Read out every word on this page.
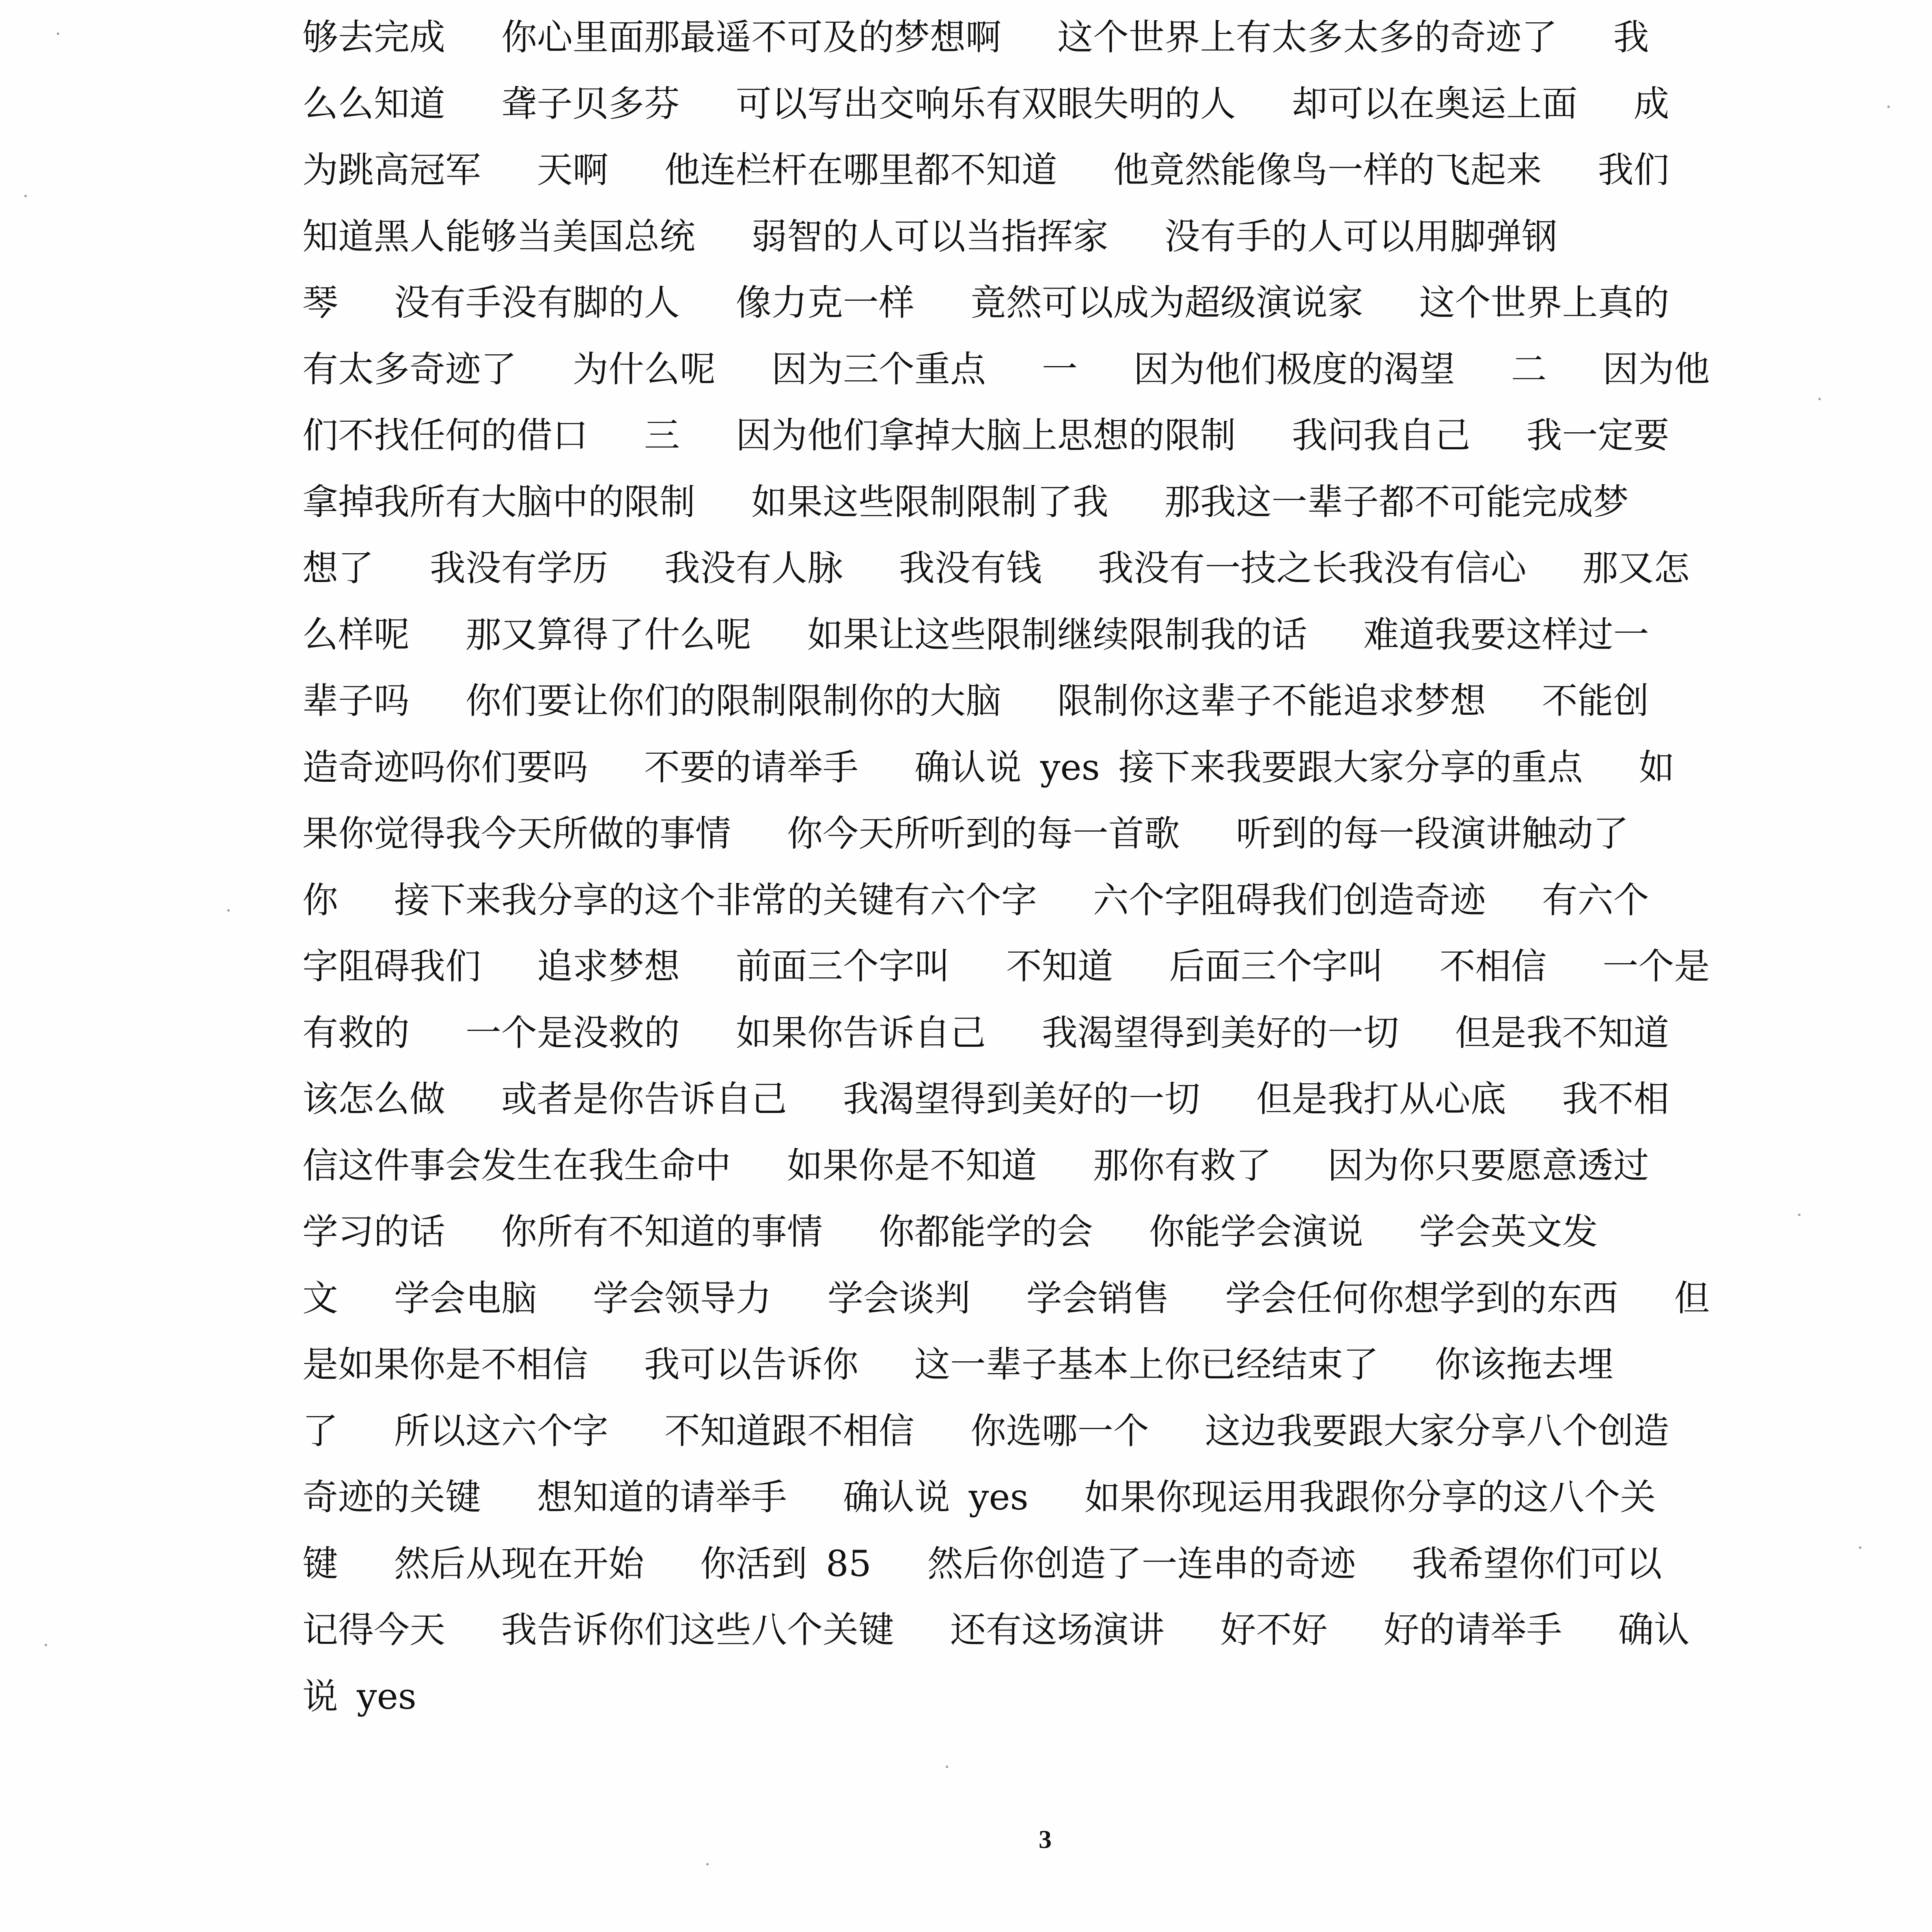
够去完成   你心里面那最遥不可及的梦想啊   这个世界上有太多太多的奇迹了   我
么么知道   聋子贝多芬   可以写出交响乐有双眼失明的人   却可以在奥运上面   成
为跳高冠军   天啊   他连栏杆在哪里都不知道   他竟然能像鸟一样的飞起来   我们
知道黑人能够当美国总统   弱智的人可以当指挥家   没有手的人可以用脚弹钢
琴   没有手没有脚的人   像力克一样   竟然可以成为超级演说家   这个世界上真的
有太多奇迹了   为什么呢   因为三个重点   一   因为他们极度的渴望   二   因为他
们不找任何的借口   三   因为他们拿掉大脑上思想的限制   我问我自己   我一定要
拿掉我所有大脑中的限制   如果这些限制限制了我   那我这一辈子都不可能完成梦
想了   我没有学历   我没有人脉   我没有钱   我没有一技之长我没有信心   那又怎
么样呢   那又算得了什么呢   如果让这些限制继续限制我的话   难道我要这样过一
辈子吗   你们要让你们的限制限制你的大脑   限制你这辈子不能追求梦想   不能创
造奇迹吗你们要吗   不要的请举手   确认说 yes 接下来我要跟大家分享的重点   如
果你觉得我今天所做的事情   你今天所听到的每一首歌   听到的每一段演讲触动了
你   接下来我分享的这个非常的关键有六个字   六个字阻碍我们创造奇迹   有六个
字阻碍我们   追求梦想   前面三个字叫   不知道   后面三个字叫   不相信   一个是
有救的   一个是没救的   如果你告诉自己   我渴望得到美好的一切   但是我不知道
该怎么做   或者是你告诉自己   我渴望得到美好的一切   但是我打从心底   我不相
信这件事会发生在我生命中   如果你是不知道   那你有救了   因为你只要愿意透过
学习的话   你所有不知道的事情   你都能学的会   你能学会演说   学会英文发
文   学会电脑   学会领导力   学会谈判   学会销售   学会任何你想学到的东西   但
是如果你是不相信   我可以告诉你   这一辈子基本上你已经结束了   你该拖去埋
了   所以这六个字   不知道跟不相信   你选哪一个   这边我要跟大家分享八个创造
奇迹的关键   想知道的请举手   确认说 yes   如果你现运用我跟你分享的这八个关
键   然后从现在开始   你活到 85   然后你创造了一连串的奇迹   我希望你们可以
记得今天   我告诉你们这些八个关键   还有这场演讲   好不好   好的请举手   确认
说 yes
3
